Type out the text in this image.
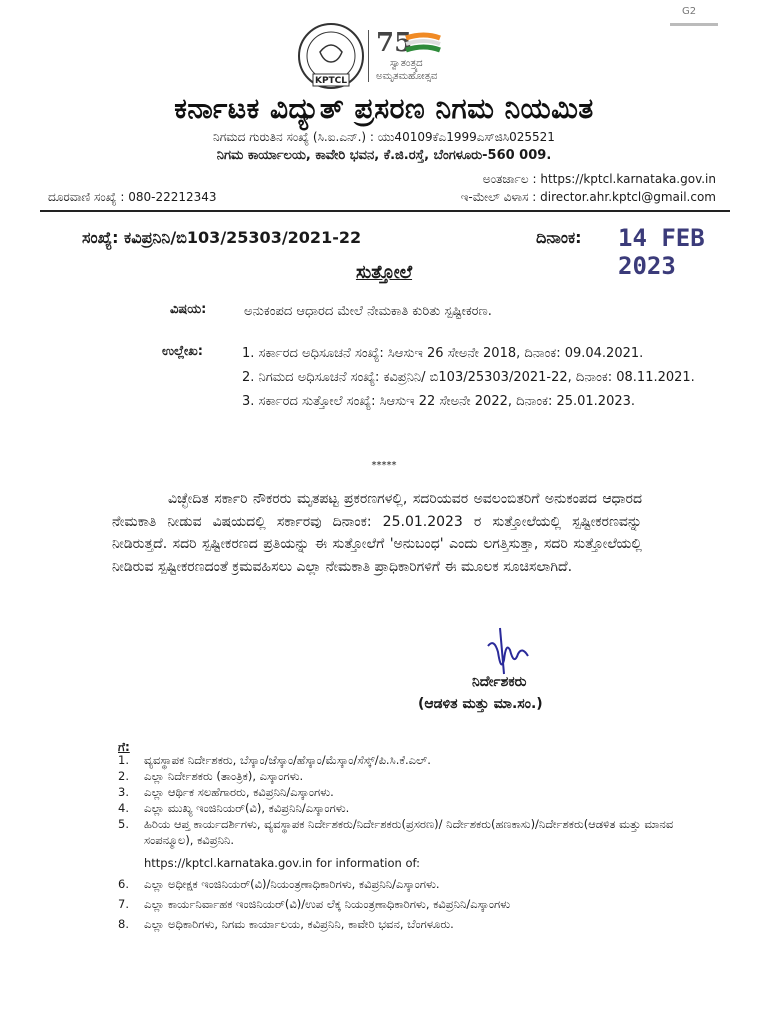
KPTCL
75
ಸ್ವಾತಂತ್ರ್ಯದ
ಅಮೃತಮಹೋತ್ಸವ
G2
ಕರ್ನಾಟಕ ವಿದ್ಯುತ್ ಪ್ರಸರಣ ನಿಗಮ ನಿಯಮಿತ
ನಿಗಮದ ಗುರುತಿನ ಸಂಖ್ಯೆ (ಸಿ.ಐ.ಎನ್.) : ಯು40109ಕೆಎ1999ಎಸ್‌ಜಿಸಿ025521
ನಿಗಮ ಕಾರ್ಯಾಲಯ, ಕಾವೇರಿ ಭವನ, ಕೆ.ಜಿ.ರಸ್ತೆ, ಬೆಂಗಳೂರು-560 009.
ಅಂತರ್ಜಾಲ : https://kptcl.karnataka.gov.in
ದೂರವಾಣಿ ಸಂಖ್ಯೆ : 080-22212343	ಇ-ಮೇಲ್ ವಿಳಾಸ : director.ahr.kptcl@gmail.com
ಸಂಖ್ಯೆ: ಕವಿಪ್ರನಿನಿ/ಬಿ103/25303/2021-22	ದಿನಾಂಕ: 14 FEB 2023
ಸುತ್ತೋಲೆ
ವಿಷಯ:	ಅನುಕಂಪದ ಆಧಾರದ ಮೇಲೆ ನೇಮಕಾತಿ ಕುರಿತು ಸ್ಪಷ್ಟೀಕರಣ.
ಉಲ್ಲೇಖ:	1. ಸರ್ಕಾರದ ಅಧಿಸೂಚನೆ ಸಂಖ್ಯೆ: ಸಿಆಸುಇ 26 ಸೇಅನೇ 2018, ದಿನಾಂಕ: 09.04.2021.
2. ನಿಗಮದ ಅಧಿಸೂಚನೆ ಸಂಖ್ಯೆ: ಕವಿಪ್ರನಿನಿ/ ಬಿ103/25303/2021-22, ದಿನಾಂಕ: 08.11.2021.
3. ಸರ್ಕಾರದ ಸುತ್ತೋಲೆ ಸಂಖ್ಯೆ: ಸಿಆಸುಇ 22 ಸೇಅನೇ 2022, ದಿನಾಂಕ: 25.01.2023.
*****
ವಿಚ್ಛೇದಿತ ಸರ್ಕಾರಿ ನೌಕರರು ಮೃತಪಟ್ಟ ಪ್ರಕರಣಗಳಲ್ಲಿ, ಸದರಿಯವರ ಅವಲಂಬಿತರಿಗೆ ಅನುಕಂಪದ ಆಧಾರದ ನೇಮಕಾತಿ ನೀಡುವ ವಿಷಯದಲ್ಲಿ ಸರ್ಕಾರವು ದಿನಾಂಕ: 25.01.2023 ರ ಸುತ್ತೋಲೆಯಲ್ಲಿ ಸ್ಪಷ್ಟೀಕರಣವನ್ನು ನೀಡಿರುತ್ತದೆ. ಸದರಿ ಸ್ಪಷ್ಟೀಕರಣದ ಪ್ರತಿಯನ್ನು ಈ ಸುತ್ತೋಲೆಗೆ 'ಅನುಬಂಧ' ಎಂದು ಲಗತ್ತಿಸುತ್ತಾ, ಸದರಿ ಸುತ್ತೋಲೆಯಲ್ಲಿ ನೀಡಿರುವ ಸ್ಪಷ್ಟೀಕರಣದಂತೆ ಕ್ರಮವಹಿಸಲು ಎಲ್ಲಾ ನೇಮಕಾತಿ ಪ್ರಾಧಿಕಾರಿಗಳಿಗೆ ಈ ಮೂಲಕ ಸೂಚಿಸಲಾಗಿದೆ.
ನಿರ್ದೇಶಕರು
(ಆಡಳಿತ ಮತ್ತು ಮಾ.ಸಂ.)
ಗೆ:
1.	ವ್ಯವಸ್ಥಾಪಕ ನಿರ್ದೇಶಕರು, ಬೆಸ್ಕಾಂ/ಜೆಸ್ಕಾಂ/ಹೆಸ್ಕಾಂ/ಮೆಸ್ಕಾಂ/ಸೆಸ್ಕ್/ಪಿ.ಸಿ.ಕೆ.ಎಲ್.
2.	ಎಲ್ಲಾ ನಿರ್ದೇಶಕರು (ತಾಂತ್ರಿಕ), ಎಸ್ಕಾಂಗಳು.
3.	ಎಲ್ಲಾ ಆರ್ಥಿಕ ಸಲಹೆಗಾರರು, ಕವಿಪ್ರನಿನಿ/ಎಸ್ಕಾಂಗಳು.
4.	ಎಲ್ಲಾ ಮುಖ್ಯ ಇಂಜಿನಿಯರ್(ವಿ), ಕವಿಪ್ರನಿನಿ/ಎಸ್ಕಾಂಗಳು.
5.	ಹಿರಿಯ ಆಪ್ತ ಕಾರ್ಯದರ್ಶಿಗಳು, ವ್ಯವಸ್ಥಾಪಕ ನಿರ್ದೇಶಕರು/ನಿರ್ದೇಶಕರು(ಪ್ರಸರಣ)/ ನಿರ್ದೇಶಕರು(ಹಣಕಾಸು)/ನಿರ್ದೇಶಕರು(ಆಡಳಿತ ಮತ್ತು ಮಾನವ ಸಂಪನ್ಮೂಲ), ಕವಿಪ್ರನಿನಿ.
https://kptcl.karnataka.gov.in for information of:
6.	ಎಲ್ಲಾ ಅಧೀಕ್ಷಕ ಇಂಜಿನಿಯರ್(ವಿ)/ನಿಯಂತ್ರಣಾಧಿಕಾರಿಗಳು, ಕವಿಪ್ರನಿನಿ/ಎಸ್ಕಾಂಗಳು.
7.	ಎಲ್ಲಾ ಕಾರ್ಯನಿರ್ವಾಹಕ ಇಂಜಿನಿಯರ್(ವಿ)/ಉಪ ಲೆಕ್ಕ ನಿಯಂತ್ರಣಾಧಿಕಾರಿಗಳು, ಕವಿಪ್ರನಿನಿ/ಎಸ್ಕಾಂಗಳು
8.	ಎಲ್ಲಾ ಅಧಿಕಾರಿಗಳು, ನಿಗಮ ಕಾರ್ಯಾಲಯ, ಕವಿಪ್ರನಿನಿ, ಕಾವೇರಿ ಭವನ, ಬೆಂಗಳೂರು.
